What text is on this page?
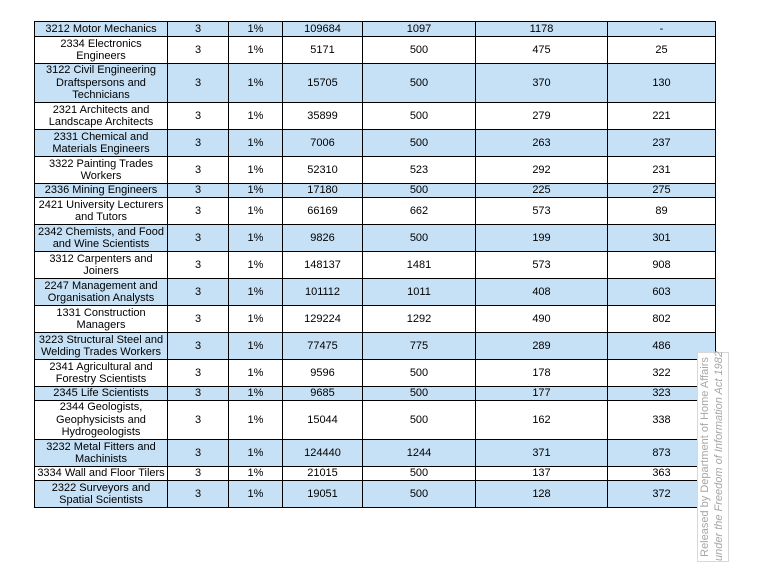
3212 Motor Mechanics	3	1%	109684	1097	1178	-
2334 Electronics Engineers	3	1%	5171	500	475	25
3122 Civil Engineering Draftspersons and Technicians	3	1%	15705	500	370	130
2321 Architects and Landscape Architects	3	1%	35899	500	279	221
2331 Chemical and Materials Engineers	3	1%	7006	500	263	237
3322 Painting Trades Workers	3	1%	52310	523	292	231
2336 Mining Engineers	3	1%	17180	500	225	275
2421 University Lecturers and Tutors	3	1%	66169	662	573	89
2342 Chemists, and Food and Wine Scientists	3	1%	9826	500	199	301
3312 Carpenters and Joiners	3	1%	148137	1481	573	908
2247 Management and Organisation Analysts	3	1%	101112	1011	408	603
1331 Construction Managers	3	1%	129224	1292	490	802
3223 Structural Steel and Welding Trades Workers	3	1%	77475	775	289	486
2341 Agricultural and Forestry Scientists	3	1%	9596	500	178	322
2345 Life Scientists	3	1%	9685	500	177	323
2344 Geologists, Geophysicists and Hydrogeologists	3	1%	15044	500	162	338
3232 Metal Fitters and Machinists	3	1%	124440	1244	371	873
3334 Wall and Floor Tilers	3	1%	21015	500	137	363
2322 Surveyors and Spatial Scientists	3	1%	19051	500	128	372	Released by Department of Home Affairs under the Freedom of Information Act 1982
